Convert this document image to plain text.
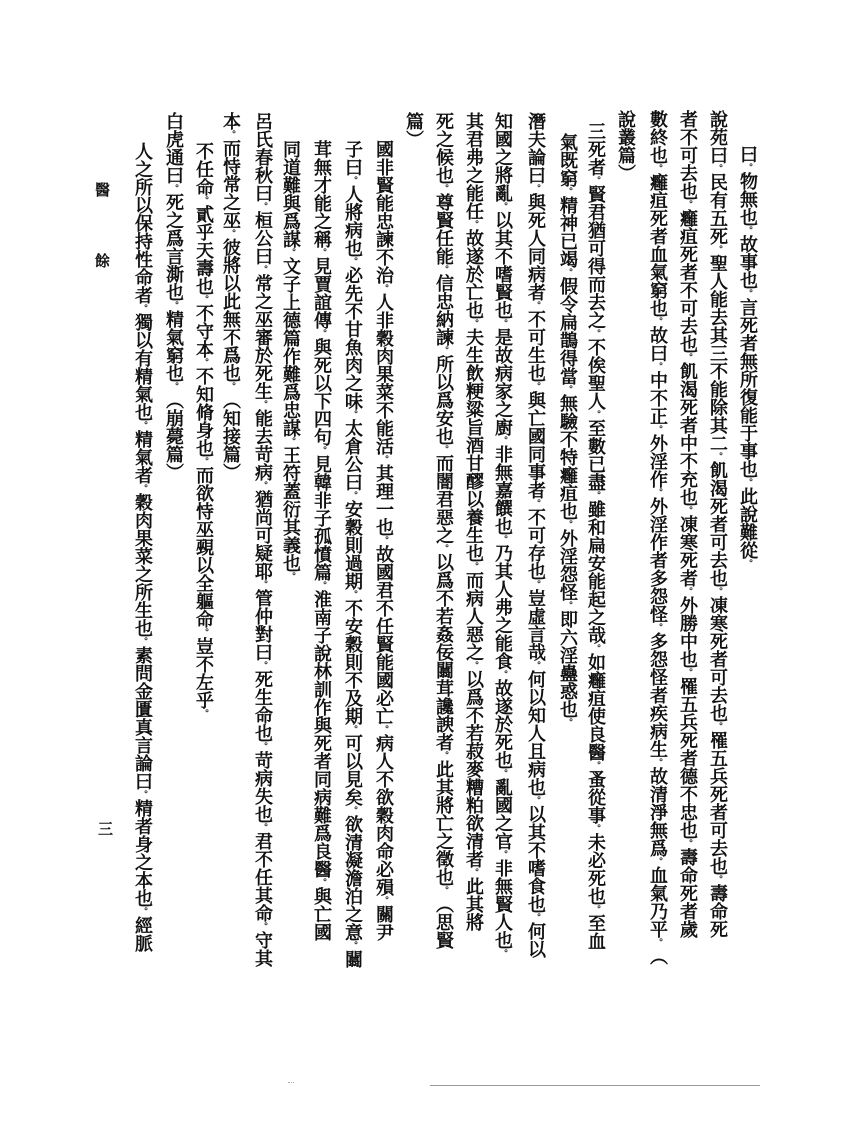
醫餘
三
曰。物無也。故事也。言死者無所復能于事也。此說難從。
說苑曰。民有五死。聖人能去其三不能除其二。飢渴死者可去也。凍寒死者可去也。罹五兵死者可去也。壽命死
者不可去也。癰疽死者不可去也。飢渴死者中不充也。凍寒死者。外勝中也。罹五兵死者德不忠也。壽命死者歲
數終也。癰疽死者血氣窮也。故曰。中不正。外淫作。外淫作者多怨怪。多怨怪者疾病生。故清淨無爲。血氣乃平。︵
說叢篇︶
三死者。賢君猶可得而去之。不俟聖人。至數已盡。雖和扁安能起之哉。如癰疽使良醫。蚤從事。未必死也。至血
氣既窮。精神已竭。假令扁鵲得當。無驗不特癰疽也。外淫怨怪。即六淫蠱惑也。
潛夫論曰。與死人同病者。不可生也。與亡國同事者。不可存也。豈虛言哉。何以知人且病也。以其不嗜食也。何以
知國之將亂。以其不嗜賢也。是故病家之廚。非無嘉饌也。乃其人弗之能食。故遂於死也。亂國之官。非無賢人也。
其君弗之能任。故遂於亡也。夫生飲粳粱旨酒甘醪以養生也。而病人惡之。以爲不若菽麥糟粕欲清者。此其將
死之候也。尊賢任能。信忠納諫。所以爲安也。而闇君惡之。以爲不若姦佞闒茸讒諛者。此其將亡之徵也。︵思賢
篇︶
國非賢能忠諫不治。人非穀肉果菜不能活。其理一也。故國君不任賢能國必亡。病人不欲穀肉命必殞。關尹
子曰。人將病也。必先不甘魚肉之味。太倉公曰。安穀則過期。不安穀則不及期。可以見矣。欲清凝澹泊之意。闒
茸無才能之稱。見賈誼傳。與死以下四句。見韓非子孤憤篇。淮南子說林訓作與死者同病難爲良醫。與亡國
同道難與爲謀。文子上德篇作難爲忠謀。王符蓋衍其義也。
呂氏春秋曰。桓公曰。常之巫審於死生。能去苛病。猶尚可疑耶。管仲對曰。死生命也。苛病失也。君不任其命。守其
本。而恃常之巫。彼將以此無不爲也。︵知接篇︶
不任命。貳乎天壽也。不守本。不知脩身也。而欲恃巫覡以全軀命。豈不左乎。
白虎通曰。死之爲言澌也。精氣窮也。︵崩薨篇︶
人之所以保持性命者。獨以有精氣也。精氣者。穀肉果菜之所生也。素問金匱真言論曰。精者身之本也。經脈
